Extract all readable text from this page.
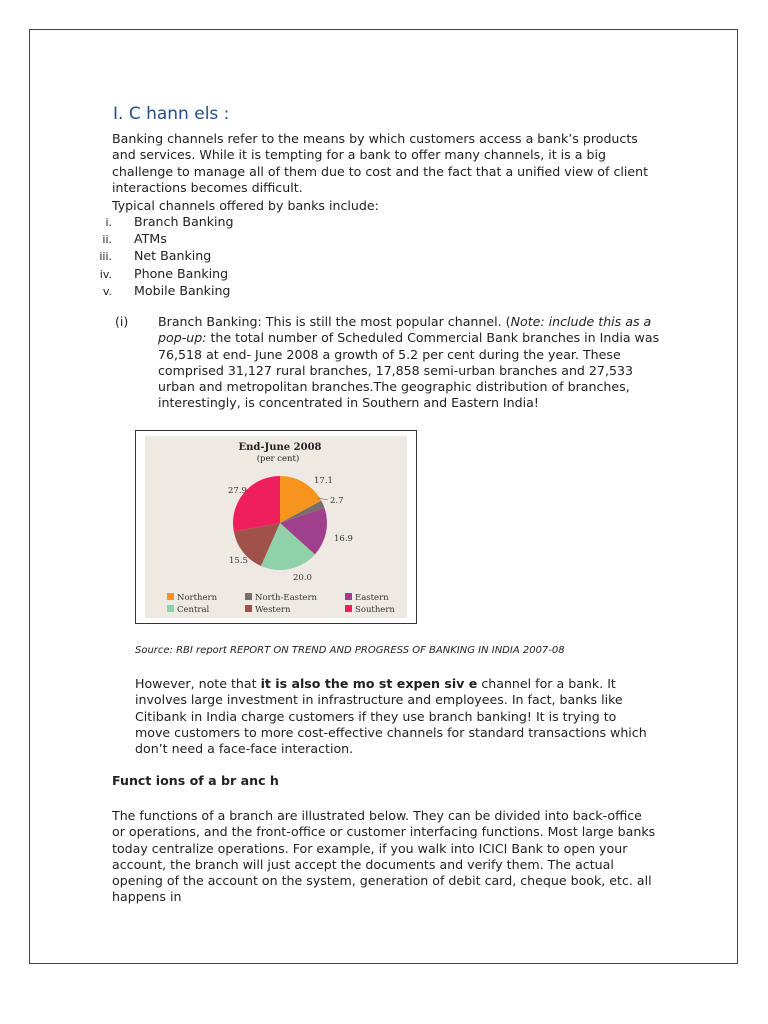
I. C hann els :

Banking channels refer to the means by which customers access a bank’s products and services. While it is tempting for a bank to offer many channels, it is a big challenge to manage all of them due to cost and the fact that a unified view of client interactions becomes difficult.

Typical channels offered by banks include:

i. Branch Banking
ii. ATMs
iii. Net Banking
iv. Phone Banking
v. Mobile Banking
(i) Branch Banking: This is still the most popular channel. (Note: include this as a pop-up: the total number of Scheduled Commercial Bank branches in India was 76,518 at end- June 2008 a growth of 5.2 per cent during the year. These comprised 31,127 rural branches, 17,858 semi-urban branches and 27,533 urban and metropolitan branches.The geographic distribution of branches, interestingly, is concentrated in Southern and Eastern India!

End-June 2008
(per cent)
17.1
2.7
16.9
20.0
15.5
27.9
Northern	North-Eastern	Eastern
Central	Western	Southern
Source: RBI report REPORT ON TREND AND PROGRESS OF BANKING IN INDIA 2007-08

However, note that it is also the mo st expen siv e channel for a bank. It involves large investment in infrastructure and employees. In fact, banks like Citibank in India charge customers if they use branch banking! It is trying to move customers to more cost-effective channels for standard transactions which don’t need a face-face interaction.

Funct ions of a br anc h

The functions of a branch are illustrated below. They can be divided into back-office or operations, and the front-office or customer interfacing functions. Most large banks today centralize operations. For example, if you walk into ICICI Bank to open your account, the branch will just accept the documents and verify them. The actual opening of the account on the system, generation of debit card, cheque book, etc. all happens in
